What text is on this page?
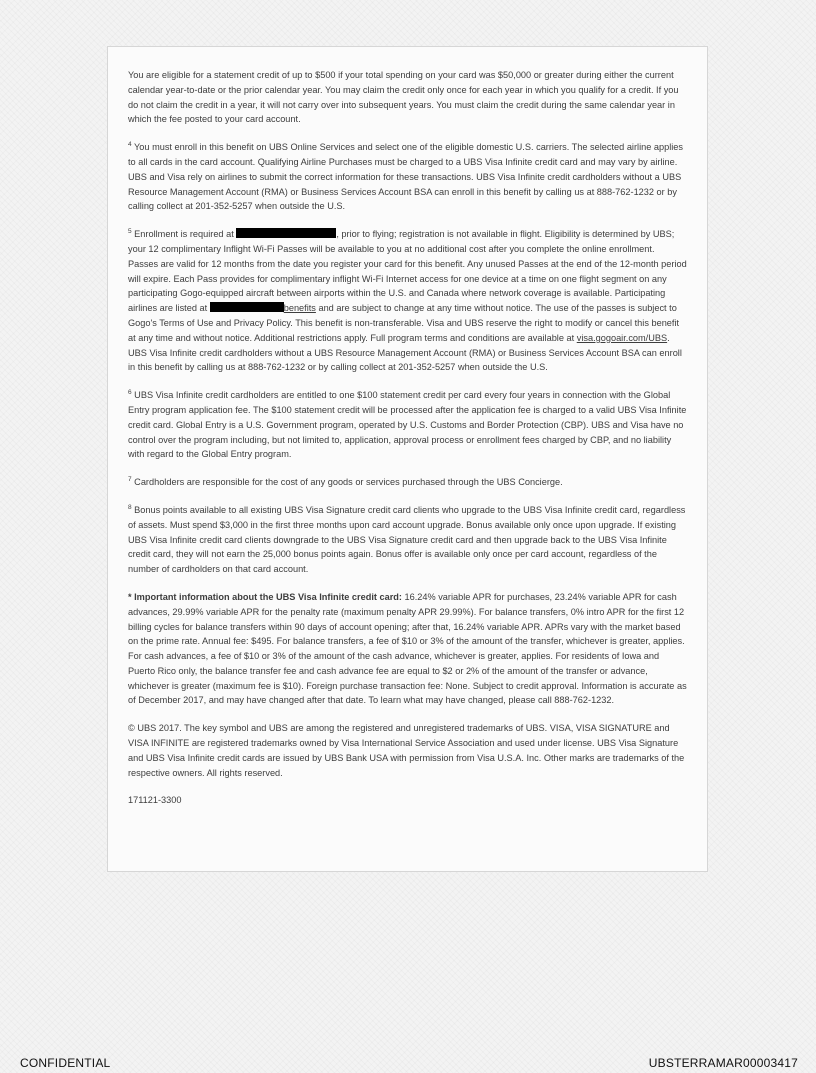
You are eligible for a statement credit of up to $500 if your total spending on your card was $50,000 or greater during either the current calendar year-to-date or the prior calendar year. You may claim the credit only once for each year in which you qualify for a credit. If you do not claim the credit in a year, it will not carry over into subsequent years. You must claim the credit during the same calendar year in which the fee posted to your card account.

$^4$ You must enroll in this benefit on UBS Online Services and select one of the eligible domestic U.S. carriers. The selected airline applies to all cards in the card account. Qualifying Airline Purchases must be charged to a UBS Visa Infinite credit card and may vary by airline. UBS and Visa rely on airlines to submit the correct information for these transactions. UBS Visa Infinite credit cardholders without a UBS Resource Management Account (RMA) or Business Services Account BSA can enroll in this benefit by calling us at 888-762-1232 or by calling collect at 201-352-5257 when outside the U.S.

$^5$ Enrollment is required at	, prior to flying; registration is not available in flight. Eligibility is determined by UBS; your 12 complimentary Inflight Wi-Fi Passes will be available to you at no additional cost after you complete the online enrollment. Passes are valid for 12 months from the date you register your card for this benefit. Any unused Passes at the end of the 12-month period will expire. Each Pass provides for complimentary inflight Wi-Fi Internet access for one device at a time on one flight segment on any participating Gogo-equipped aircraft between airports within the U.S. and Canada where network coverage is available. Participating airlines are listed at	benefits and are subject to change at any time without notice. The use of the passes is subject to Gogo's Terms of Use and Privacy Policy. This benefit is non-transferable. Visa and UBS reserve the right to modify or cancel this benefit at any time and without notice. Additional restrictions apply. Full program terms and conditions are available at visa.gogoair.com/UBS. UBS Visa Infinite credit cardholders without a UBS Resource Management Account (RMA) or Business Services Account BSA can enroll in this benefit by calling us at 888-762-1232 or by calling collect at 201-352-5257 when outside the U.S.

$^6$ UBS Visa Infinite credit cardholders are entitled to one $100 statement credit per card every four years in connection with the Global Entry program application fee. The $100 statement credit will be processed after the application fee is charged to a valid UBS Visa Infinite credit card. Global Entry is a U.S. Government program, operated by U.S. Customs and Border Protection (CBP). UBS and Visa have no control over the program including, but not limited to, application, approval process or enrollment fees charged by CBP, and no liability with regard to the Global Entry program.

$^7$ Cardholders are responsible for the cost of any goods or services purchased through the UBS Concierge.

$^8$ Bonus points available to all existing UBS Visa Signature credit card clients who upgrade to the UBS Visa Infinite credit card, regardless of assets. Must spend $3,000 in the first three months upon card account upgrade. Bonus available only once upon upgrade. If existing UBS Visa Infinite credit card clients downgrade to the UBS Visa Signature credit card and then upgrade back to the UBS Visa Infinite credit card, they will not earn the 25,000 bonus points again. Bonus offer is available only once per card account, regardless of the number of cardholders on that card account.

* Important information about the UBS Visa Infinite credit card: 16.24% variable APR for purchases, 23.24% variable APR for cash advances, 29.99% variable APR for the penalty rate (maximum penalty APR 29.99%). For balance transfers, 0% intro APR for the first 12 billing cycles for balance transfers within 90 days of account opening; after that, 16.24% variable APR. APRs vary with the market based on the prime rate. Annual fee: $495. For balance transfers, a fee of $10 or 3% of the amount of the transfer, whichever is greater, applies. For cash advances, a fee of $10 or 3% of the amount of the cash advance, whichever is greater, applies. For residents of Iowa and Puerto Rico only, the balance transfer fee and cash advance fee are equal to $2 or 2% of the amount of the transfer or advance, whichever is greater (maximum fee is $10). Foreign purchase transaction fee: None. Subject to credit approval. Information is accurate as of December 2017, and may have changed after that date. To learn what may have changed, please call 888-762-1232.

© UBS 2017. The key symbol and UBS are among the registered and unregistered trademarks of UBS. VISA, VISA SIGNATURE and VISA INFINITE are registered trademarks owned by Visa International Service Association and used under license. UBS Visa Signature and UBS Visa Infinite credit cards are issued by UBS Bank USA with permission from Visa U.S.A. Inc. Other marks are trademarks of the respective owners. All rights reserved.

171121-3300

CONFIDENTIAL	UBSTERRAMAR00003417
